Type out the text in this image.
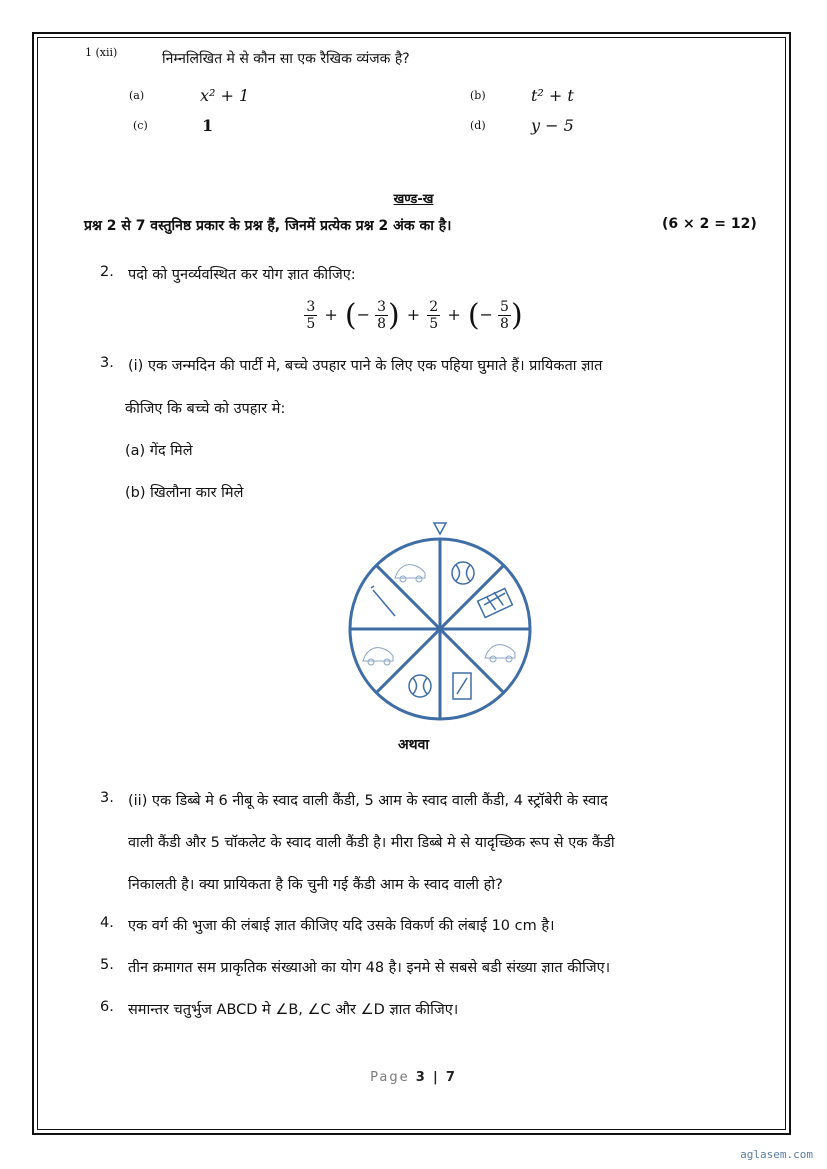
1 (xii)	निम्नलिखित मे से कौन सा एक रैखिक व्यंजक है?
(a)	x² + 1	(b)	t² + t
(c)	1	(d)	y − 5
खण्ड-ख
प्रश्न 2 से 7 वस्तुनिष्ठ प्रकार के प्रश्न हैं, जिनमें प्रत्येक प्रश्न 2 अंक का है।	(6 × 2 = 12)
2. पदो को पुनर्व्यवस्थित कर योग ज्ञात कीजिए:
$\frac{3}{5}$ + (− $\frac{3}{8}$ ) + $\frac{2}{5}$ + (− $\frac{5}{8}$ )
3. (i) एक जन्मदिन की पार्टी मे, बच्चे उपहार पाने के लिए एक पहिया घुमाते हैं। प्रायिकता ज्ञात
कीजिए कि बच्चे को उपहार मे:
(a) गेंद मिले
(b) खिलौना कार मिले
अथवा
3. (ii) एक डिब्बे मे 6 नीबू के स्वाद वाली कैंडी, 5 आम के स्वाद वाली कैंडी, 4 स्ट्रॉबेरी के स्वाद
वाली कैंडी और 5 चॉकलेट के स्वाद वाली कैंडी है। मीरा डिब्बे मे से यादृच्छिक रूप से एक कैंडी
निकालती है। क्या प्रायिकता है कि चुनी गई कैंडी आम के स्वाद वाली हो?
4. एक वर्ग की भुजा की लंबाई ज्ञात कीजिए यदि उसके विकर्ण की लंबाई 10 cm है।
5. तीन क्रमागत सम प्राकृतिक संख्याओ का योग 48 है। इनमे से सबसे बडी संख्या ज्ञात कीजिए।
6. समान्तर चतुर्भुज ABCD मे ∠B, ∠C और ∠D ज्ञात कीजिए।
Page 3 | 7
aglasem.com
